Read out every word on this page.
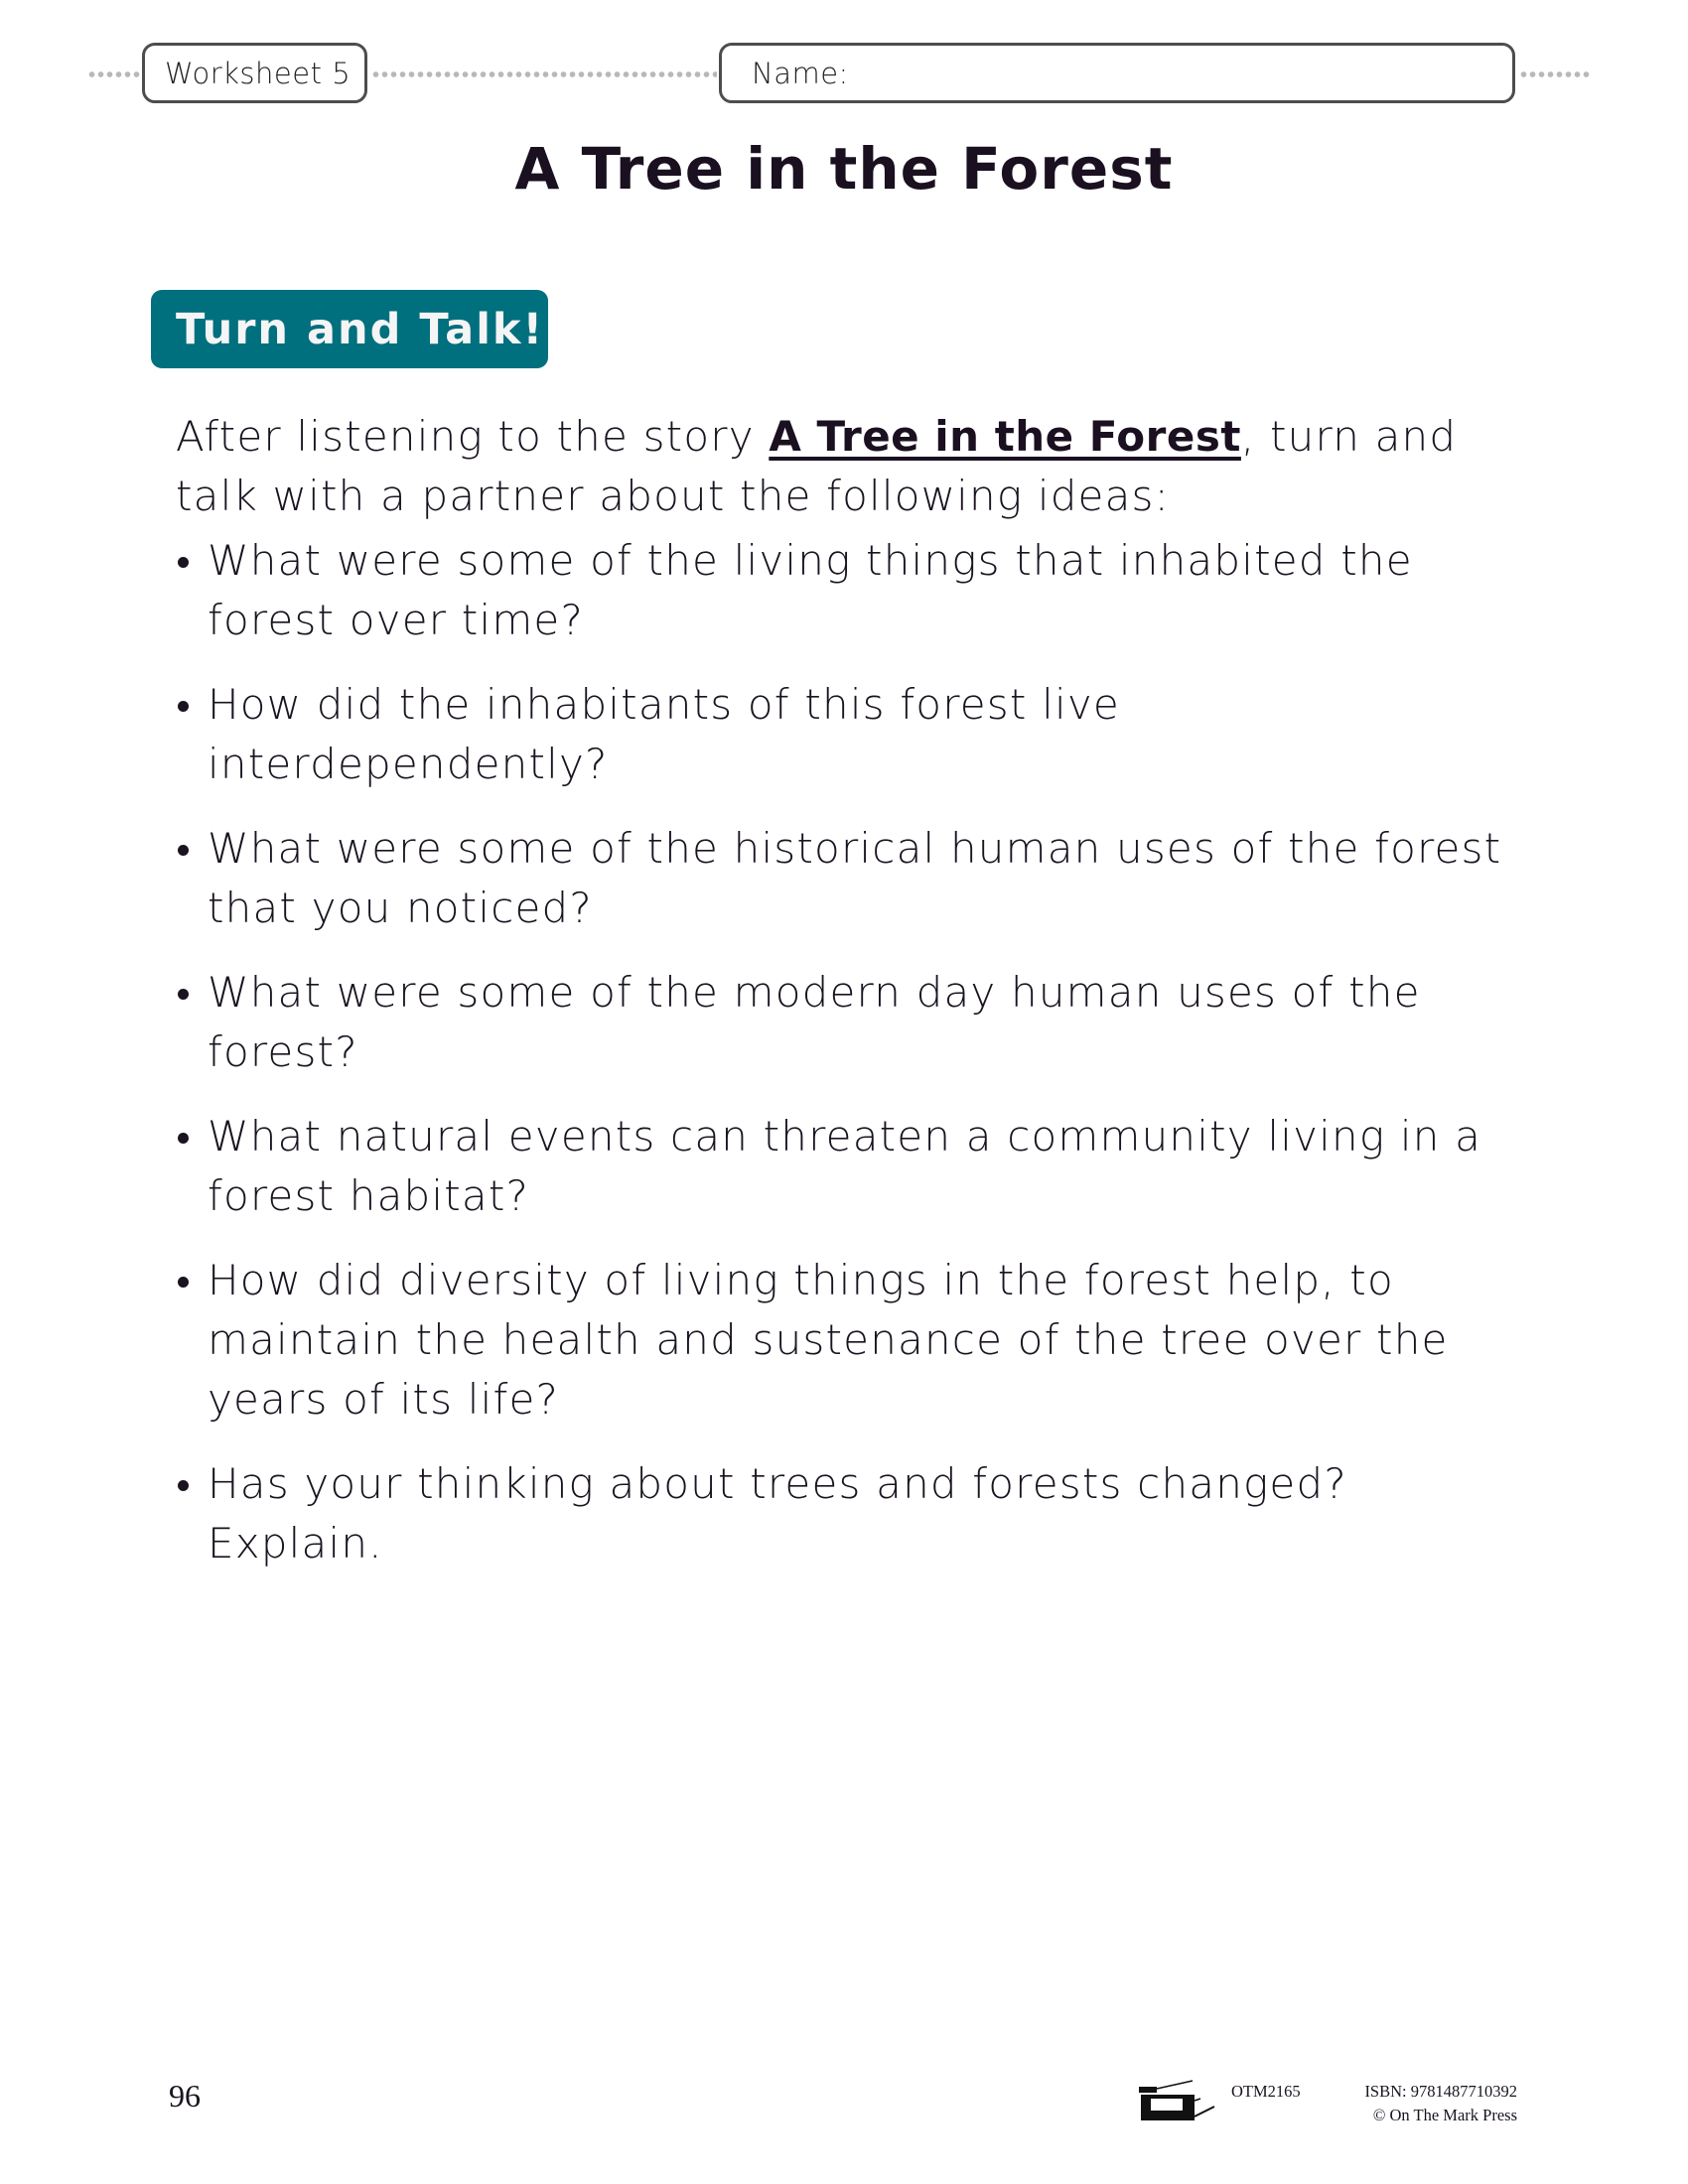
Worksheet 5	Name:
A Tree in the Forest
Turn and Talk!

After listening to the story A Tree in the Forest, turn and talk with a partner about the following ideas:

What were some of the living things that inhabited the forest over time?
How did the inhabitants of this forest live interdependently?
What were some of the historical human uses of the forest that you noticed?
What were some of the modern day human uses of the forest?
What natural events can threaten a community living in a forest habitat?
How did diversity of living things in the forest help, to maintain the health and sustenance of the tree over the years of its life?
Has your thinking about trees and forests changed? Explain.
96	OTM2165	ISBN: 9781487710392
© On The Mark Press
